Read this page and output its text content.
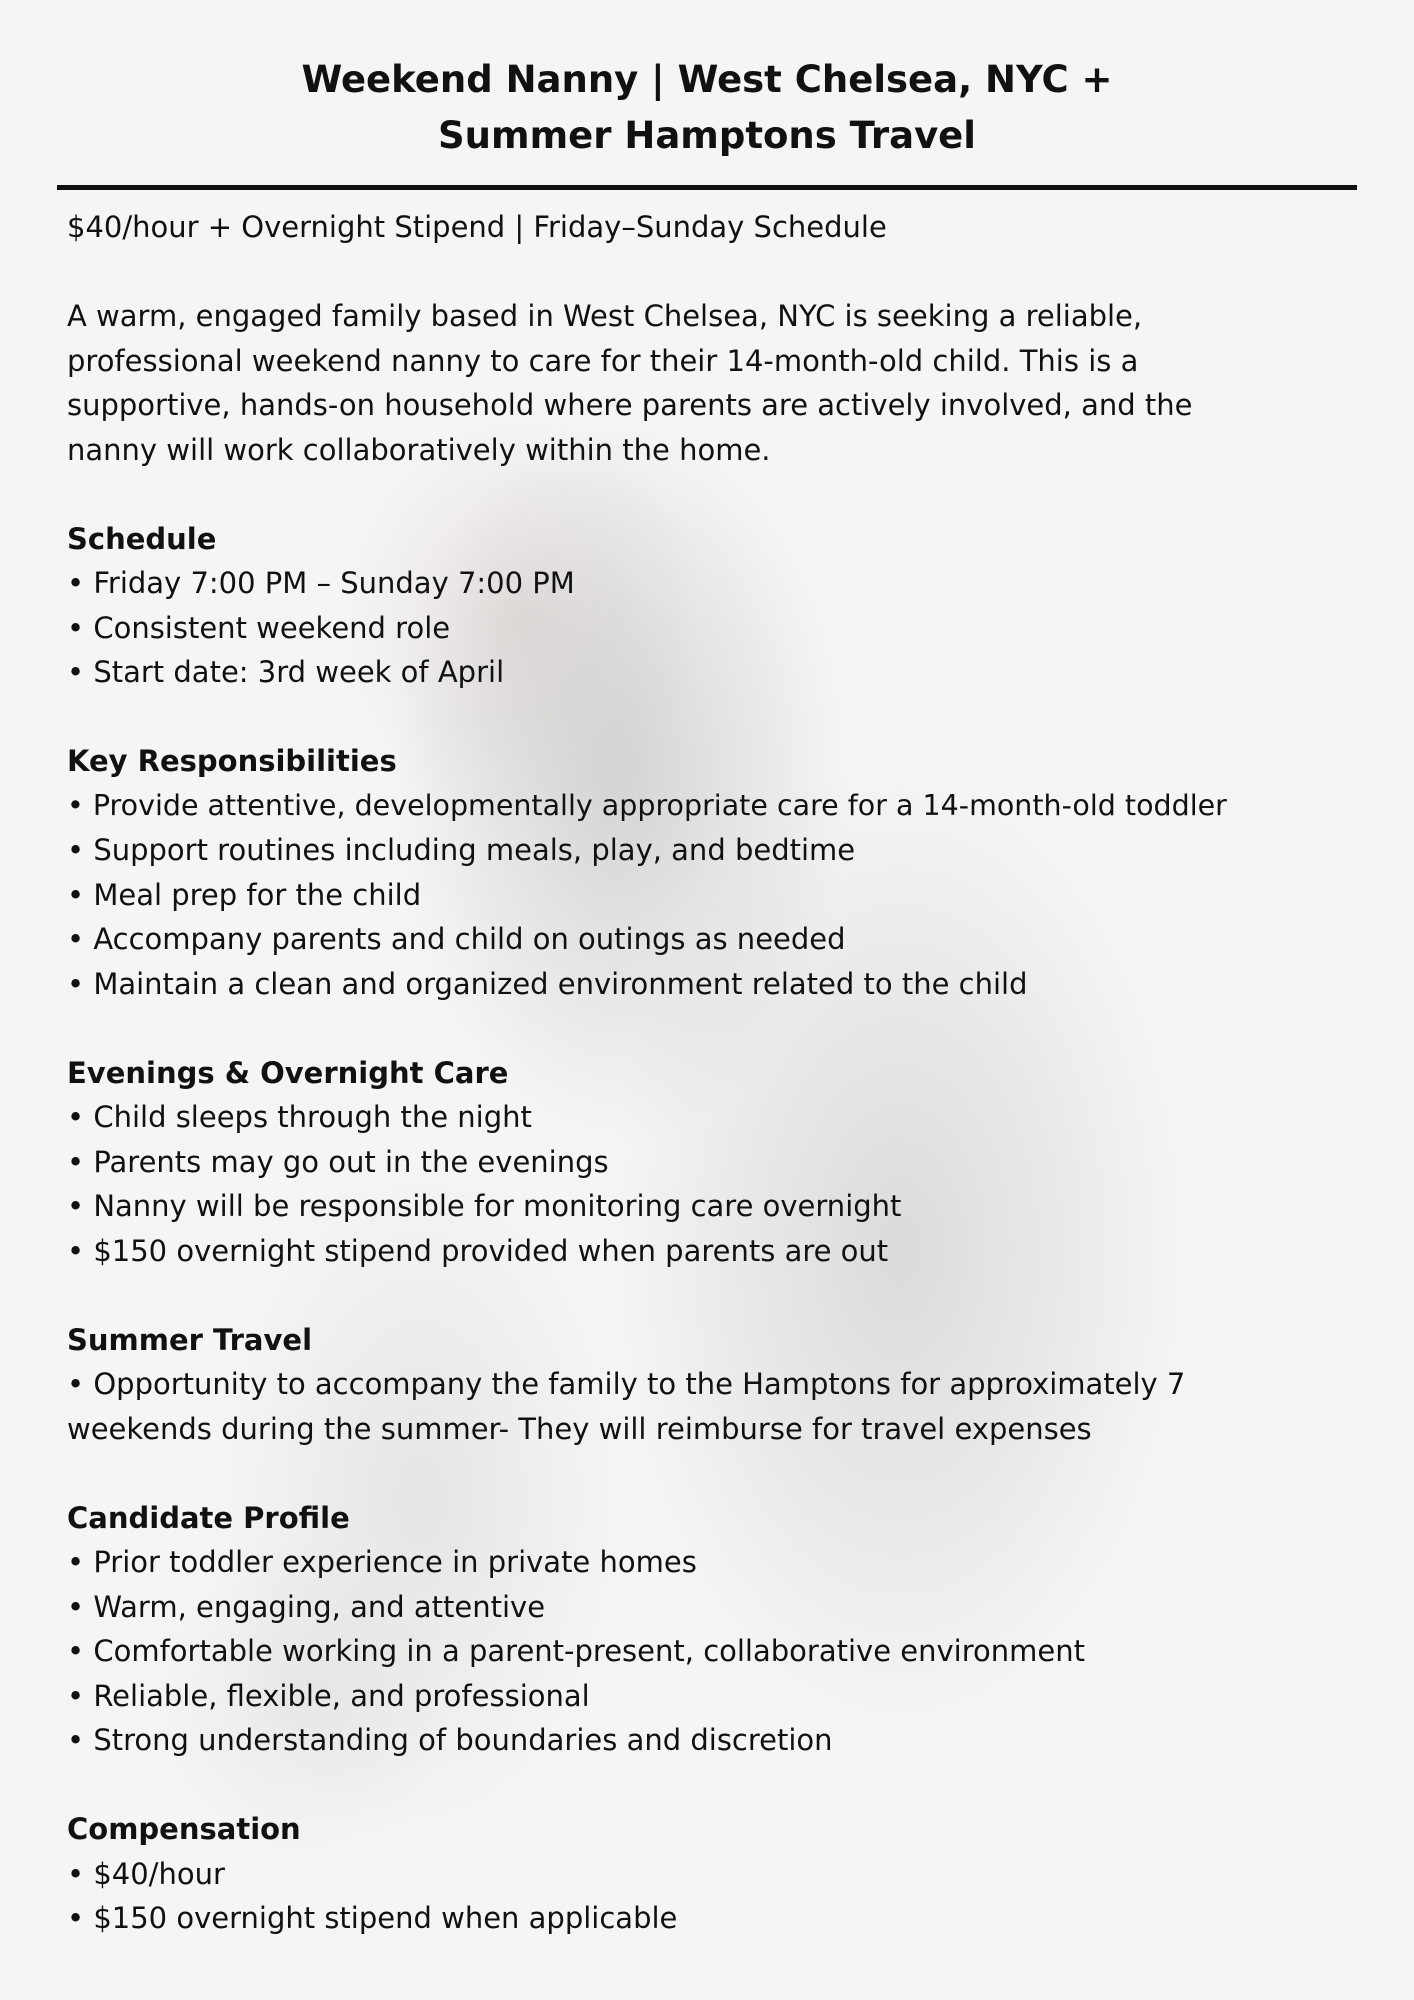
Weekend Nanny | West Chelsea, NYC +
Summer Hamptons Travel

$40/hour + Overnight Stipend | Friday–Sunday Schedule

A warm, engaged family based in West Chelsea, NYC is seeking a reliable,

professional weekend nanny to care for their 14-month-old child. This is a

supportive, hands-on household where parents are actively involved, and the

nanny will work collaboratively within the home.

Schedule

• Friday 7:00 PM – Sunday 7:00 PM
• Consistent weekend role
• Start date: 3rd week of April

Key Responsibilities

• Provide attentive, developmentally appropriate care for a 14-month-old toddler
• Support routines including meals, play, and bedtime
• Meal prep for the child
• Accompany parents and child on outings as needed
• Maintain a clean and organized environment related to the child

Evenings & Overnight Care

• Child sleeps through the night
• Parents may go out in the evenings
• Nanny will be responsible for monitoring care overnight
• $150 overnight stipend provided when parents are out

Summer Travel

• Opportunity to accompany the family to the Hamptons for approximately 7

weekends during the summer- They will reimburse for travel expenses

Candidate Profile

• Prior toddler experience in private homes
• Warm, engaging, and attentive
• Comfortable working in a parent-present, collaborative environment
• Reliable, flexible, and professional
• Strong understanding of boundaries and discretion

Compensation

• $40/hour
• $150 overnight stipend when applicable
